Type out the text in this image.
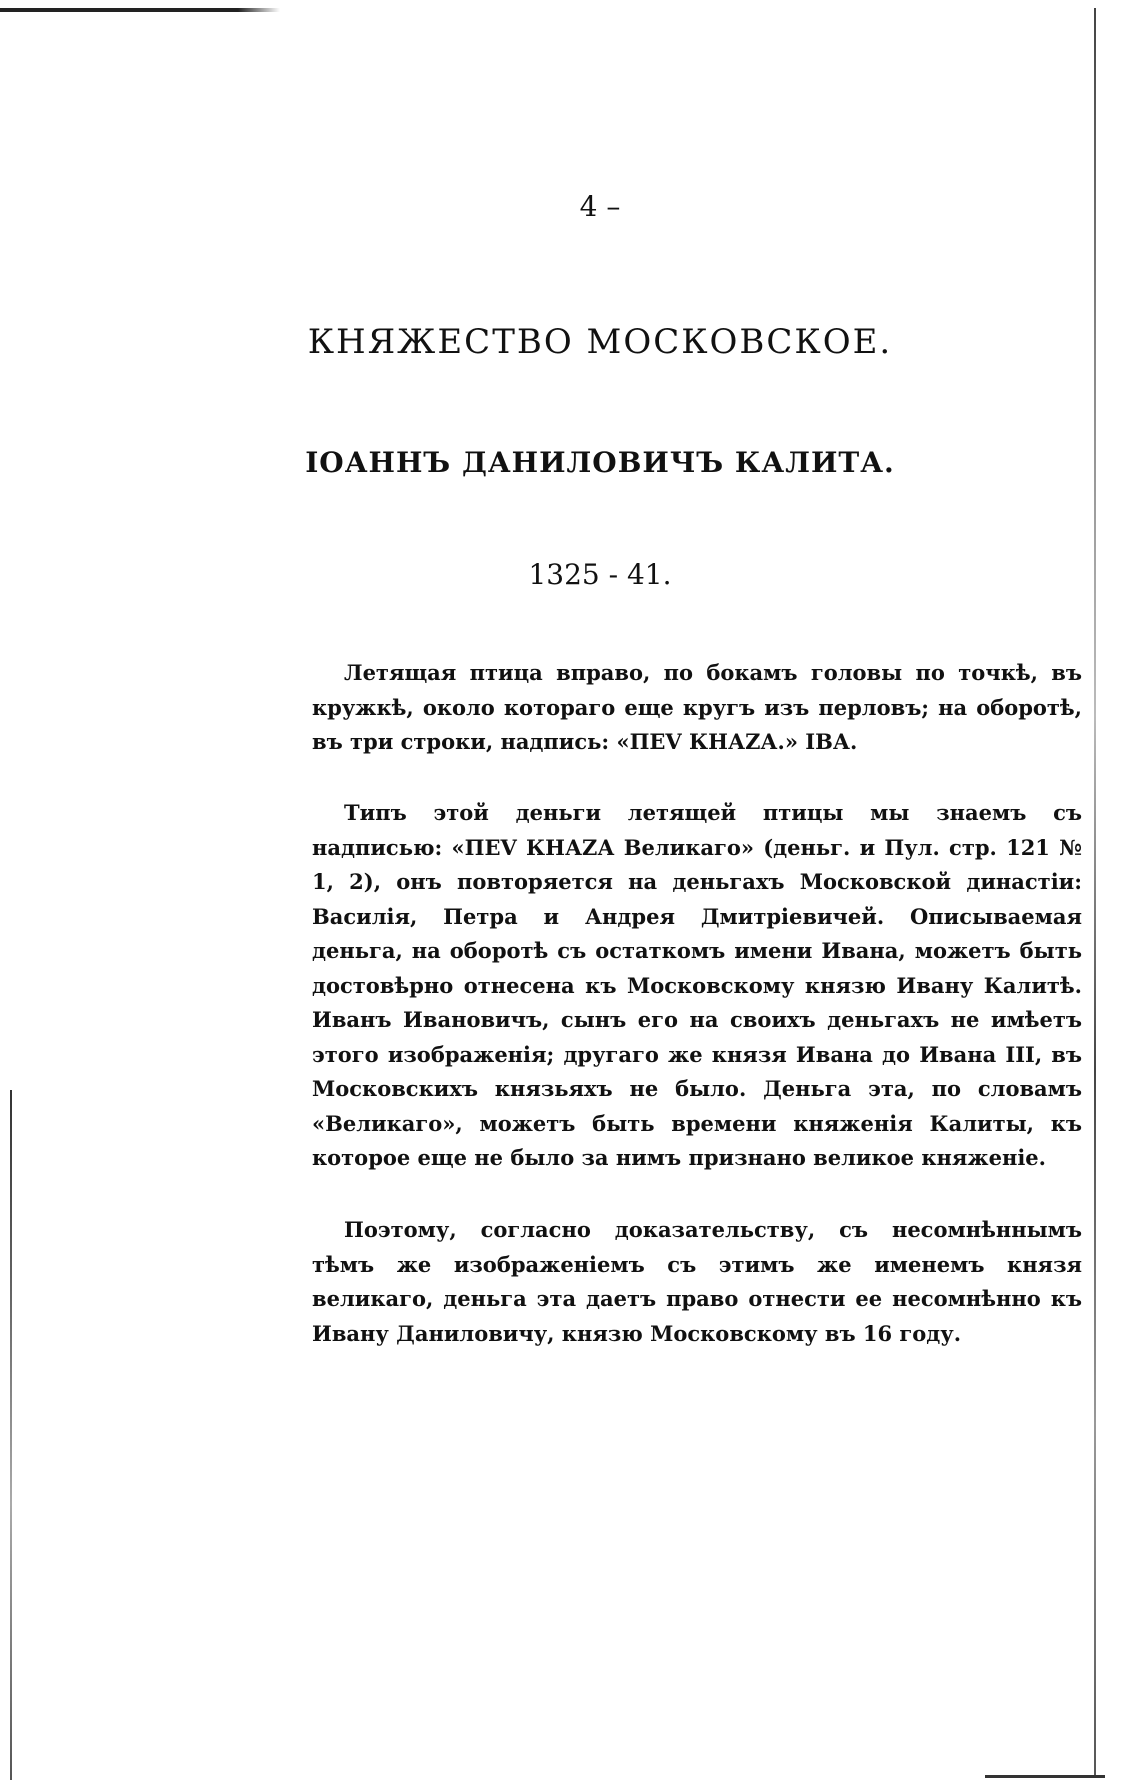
4 –
КНЯЖЕСТВО МОСКОВСКОЕ.
ІОАННЪ ДАНИЛОВИЧЪ КАЛИТА.
1325 - 41.

Летящая птица вправо, по бокамъ головы по точкѣ, въ кружкѣ, около котораго еще кругъ изъ перловъ; на оборотѣ, въ три строки, надпись: «ПЕV КНАZА.» ІВА.

Типъ этой деньги летящей птицы мы знаемъ съ надписью: «ПЕV КНАZА Великаго» (деньг. и Пул. стр. 121 № 1, 2), онъ повторяется на деньгахъ Московской династіи: Василія, Петра и Андрея Дмитріевичей. Описываемая деньга, на оборотѣ съ остаткомъ имени Ивана, можетъ быть достовѣрно отнесена къ Московскому князю Ивану Калитѣ. Иванъ Ивановичъ, сынъ его на своихъ деньгахъ не имѣетъ этого изображенія; другаго же князя Ивана до Ивана III, въ Московскихъ князьяхъ не было. Деньга эта, по словамъ «Великаго», можетъ быть времени княженія Калиты, къ которое еще не было за нимъ признано великое княженіе.

Поэтому, согласно доказательству, съ несомнѣннымъ тѣмъ же изображеніемъ съ этимъ же именемъ князя великаго, деньга эта даетъ право отнести ее несомнѣнно къ Ивану Даниловичу, князю Московскому въ 16 году.
